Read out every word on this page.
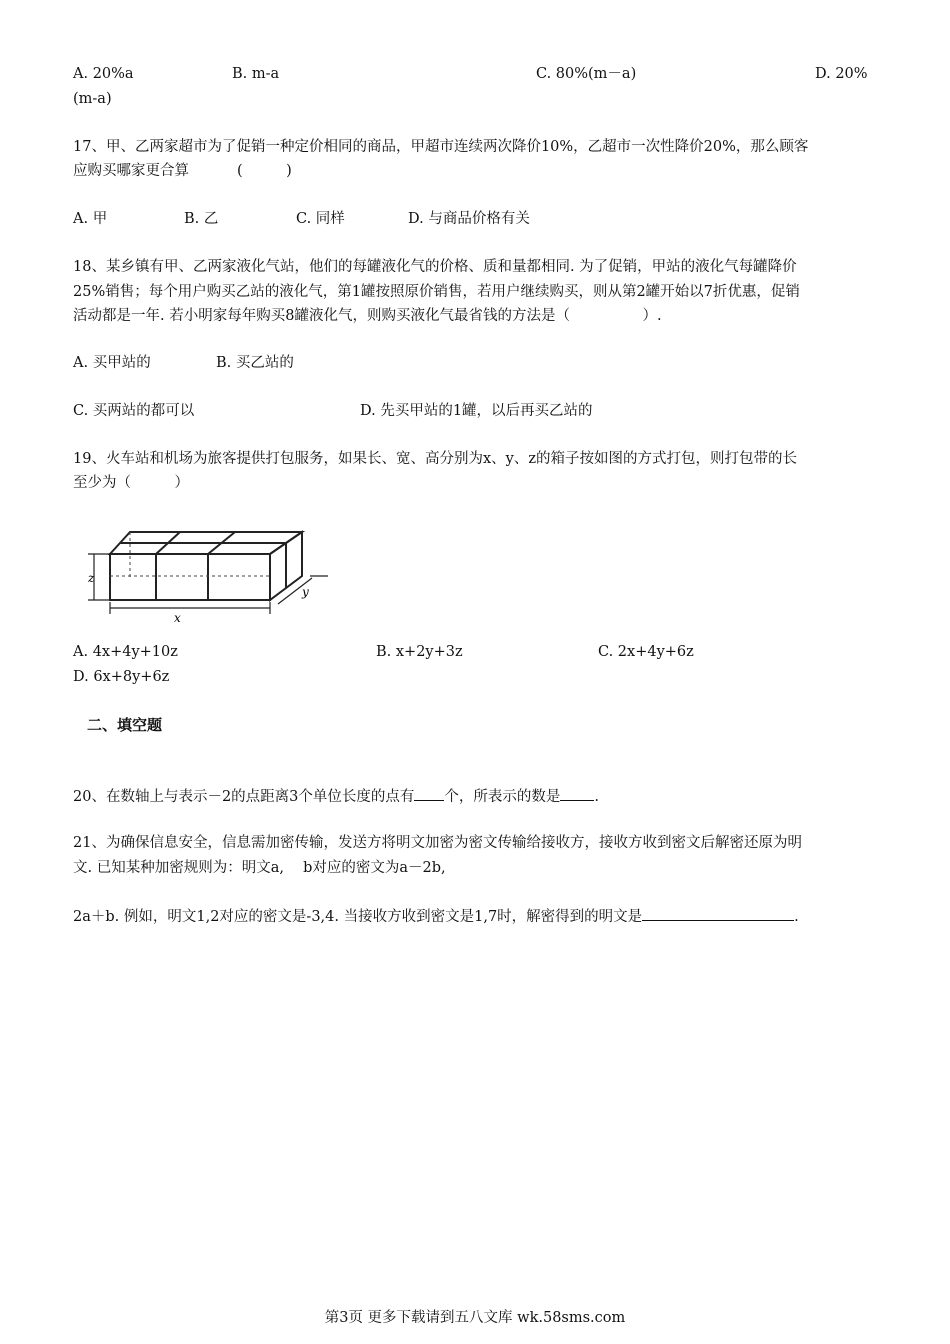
A. 20%a	B. m-a	C. 80%(m－a)	D. 20%
(m-a)
17、甲、乙两家超市为了促销一种定价相同的商品，甲超市连续两次降价10%，乙超市一次性降价20%，那么顾客
应购买哪家更合算	(　　　)
A. 甲	B. 乙	C. 同样	D. 与商品价格有关
18、某乡镇有甲、乙两家液化气站，他们的每罐液化气的价格、质和量都相同. 为了促销，甲站的液化气每罐降价
25%销售；每个用户购买乙站的液化气，第1罐按照原价销售，若用户继续购买，则从第2罐开始以7折优惠，促销
活动都是一年. 若小明家每年购买8罐液化气，则购买液化气最省钱的方法是（　　　　　）.
A. 买甲站的	B. 买乙站的
C. 买两站的都可以	D. 先买甲站的1罐，以后再买乙站的
19、火车站和机场为旅客提供打包服务，如果长、宽、高分别为x、y、z的箱子按如图的方式打包，则打包带的长
至少为（　　　）
z
x
y
A. 4x+4y+10z	B. x+2y+3z	C. 2x+4y+6z
D. 6x+8y+6z
二、填空题
20、在数轴上与表示－2的点距离3个单位长度的点有 个，所表示的数是 .
21、为确保信息安全，信息需加密传输，发送方将明文加密为密文传输给接收方，接收方收到密文后解密还原为明
文. 已知某种加密规则为：明文a,　 b对应的密文为a－2b,
2a＋b. 例如，明文1,2对应的密文是-3,4. 当接收方收到密文是1,7时，解密得到的明文是	.
第3页 更多下载请到五八文库 wk.58sms.com
